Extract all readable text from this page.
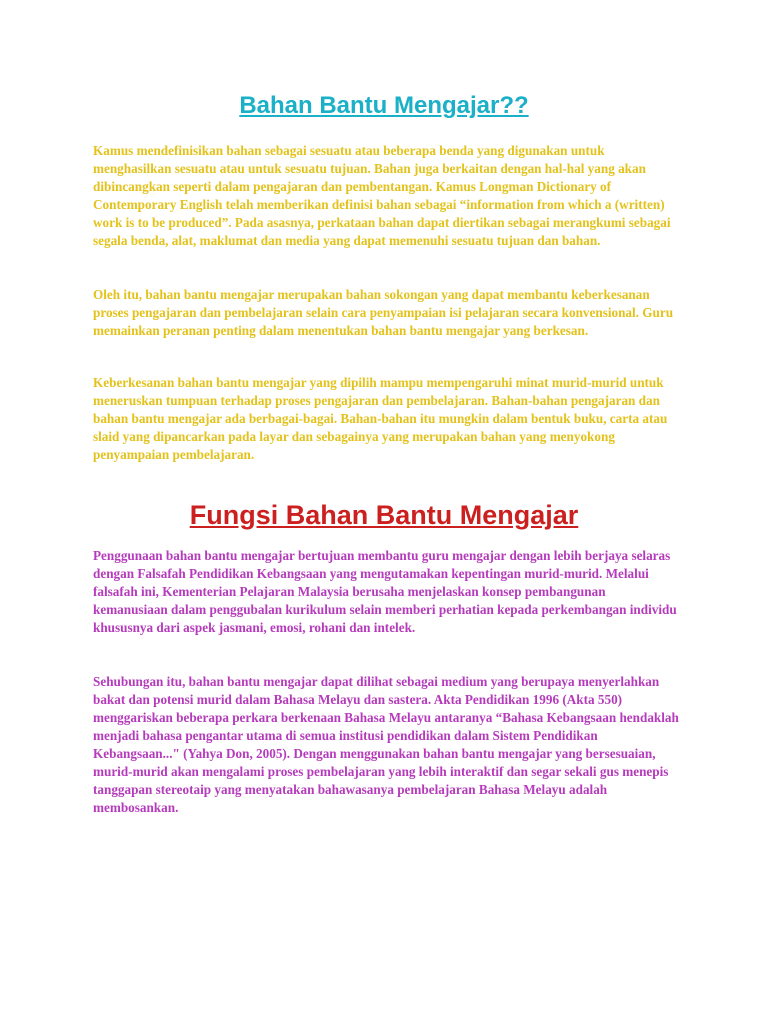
Bahan Bantu Mengajar??

Kamus mendefinisikan bahan sebagai sesuatu atau beberapa benda yang digunakan untuk menghasilkan sesuatu atau untuk sesuatu tujuan. Bahan juga berkaitan dengan hal-hal yang akan dibincangkan seperti dalam pengajaran dan pembentangan. Kamus Longman Dictionary of Contemporary English telah memberikan definisi bahan sebagai “information from which a (written) work is to be produced”. Pada asasnya, perkataan bahan dapat diertikan sebagai merangkumi sebagai segala benda, alat, maklumat dan media yang dapat memenuhi sesuatu tujuan dan bahan.

Oleh itu, bahan bantu mengajar merupakan bahan sokongan yang dapat membantu keberkesanan proses pengajaran dan pembelajaran selain cara penyampaian isi pelajaran secara konvensional. Guru memainkan peranan penting dalam menentukan bahan bantu mengajar yang berkesan.

Keberkesanan bahan bantu mengajar yang dipilih mampu mempengaruhi minat murid-murid untuk meneruskan tumpuan terhadap proses pengajaran dan pembelajaran. Bahan-bahan pengajaran dan bahan bantu mengajar ada berbagai-bagai. Bahan-bahan itu mungkin dalam bentuk buku, carta atau slaid yang dipancarkan pada layar dan sebagainya yang merupakan bahan yang menyokong penyampaian pembelajaran.

Fungsi Bahan Bantu Mengajar

Penggunaan bahan bantu mengajar bertujuan membantu guru mengajar dengan lebih berjaya selaras dengan Falsafah Pendidikan Kebangsaan yang mengutamakan kepentingan murid-murid. Melalui falsafah ini, Kementerian Pelajaran Malaysia berusaha menjelaskan konsep pembangunan kemanusiaan dalam penggubalan kurikulum selain memberi perhatian kepada perkembangan individu khususnya dari aspek jasmani, emosi, rohani dan intelek.

Sehubungan itu, bahan bantu mengajar dapat dilihat sebagai medium yang berupaya menyerlahkan bakat dan potensi murid dalam Bahasa Melayu dan sastera. Akta Pendidikan 1996 (Akta 550) menggariskan beberapa perkara berkenaan Bahasa Melayu antaranya “Bahasa Kebangsaan hendaklah menjadi bahasa pengantar utama di semua institusi pendidikan dalam Sistem Pendidikan Kebangsaan..." (Yahya Don, 2005). Dengan menggunakan bahan bantu mengajar yang bersesuaian, murid-murid akan mengalami proses pembelajaran yang lebih interaktif dan segar sekali gus menepis tanggapan stereotaip yang menyatakan bahawasanya pembelajaran Bahasa Melayu adalah membosankan.
